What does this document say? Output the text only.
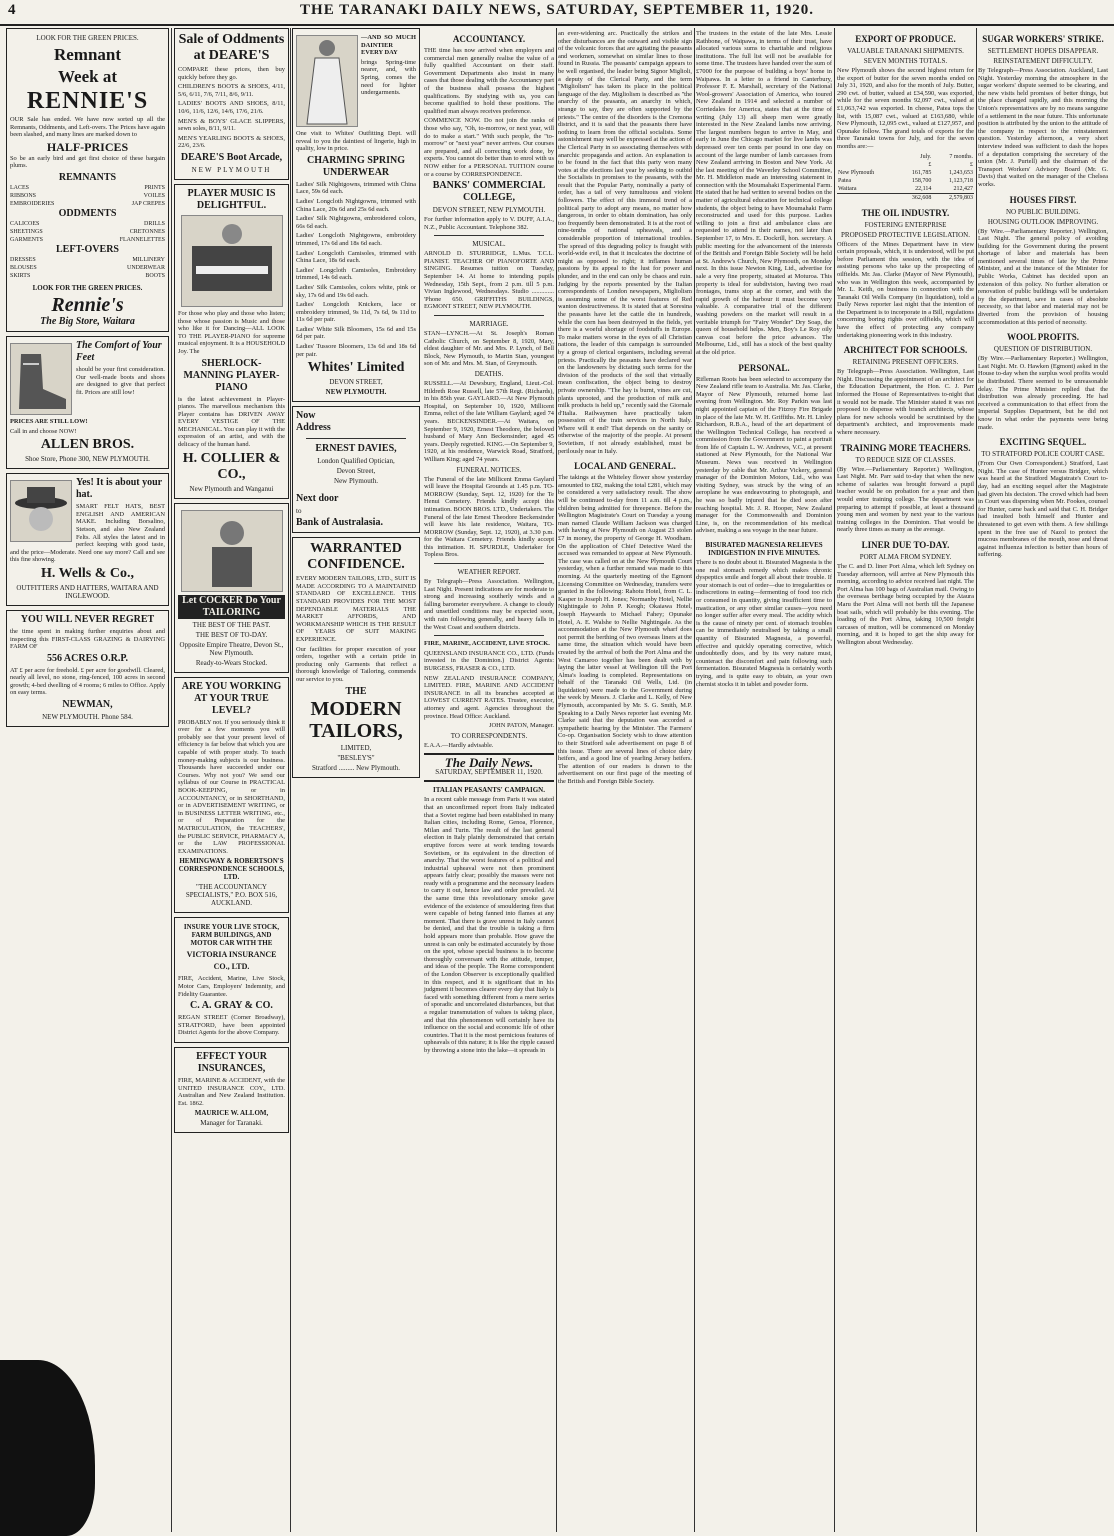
4	THE TARANAKI DAILY NEWS, SATURDAY, SEPTEMBER 11, 1920.
LOOK FOR THE GREEN PRICES.
Remnant
Week at
RENNIE'S
OUR Sale has ended. We have now sorted up all the Remnants, Oddments, and Left-overs. The Prices have again been slashed, and many lines are marked down to
HALF-PRICES
So be an early bird and get first choice of these bargain plums.
REMNANTS
LACES	PRINTS
RIBBONS	VOILES
EMBROIDERIES	JAP CREPES
ODDMENTS
CALICOES	DRILLS
SHEETINGS	CRETONNES
GARMENTS	FLANNELETTES
LEFT-OVERS
DRESSES	MILLINERY
BLOUSES	UNDERWEAR
SKIRTS	BOOTS
LOOK FOR THE GREEN PRICES.
Rennie's
The Big Store, Waitara
The Comfort of Your Feet
should be your first consideration. Our well-made boots and shoes are designed to give that perfect fit. Prices are still low!
PRICES ARE STILL LOW!
Call in and choose NOW!
ALLEN BROS.
Shoe Store, Phone 300, NEW PLYMOUTH.
Yes! It is about your hat.
SMART FELT HATS, BEST ENGLISH AND AMERICAN MAKE. Including Borsalino, Stetson, and also New Zealand Felts. All styles the latest and in perfect keeping with good taste, and the price—Moderate. Need one say more? Call and see this fine showing.
H. Wells & Co.,
OUTFITTERS AND HATTERS, WAITARA AND INGLEWOOD.
YOU WILL NEVER REGRET
the time spent in making further enquiries about and inspecting this FIRST-CLASS GRAZING & DAIRYING FARM OF
556 ACRES O.R.P.
AT £ per acre for freehold. £ per acre for goodwill. Cleared, nearly all level, no stone, ring-fenced, 100 acres in second growth; 4-bed dwelling of 4 rooms; 6 miles to Office. Apply on easy terms.
NEWMAN,
NEW PLYMOUTH. Phone 584.
Sale of Oddments at DEARE'S
COMPARE these prices, then buy quickly before they go.
CHILDREN'S BOOTS & SHOES, 4/11, 5/6, 6/11, 7/6, 7/11, 8/6, 9/11.
LADIES' BOOTS AND SHOES, 8/11, 10/6, 11/6, 12/6, 14/6, 17/6, 21/6.
MEN'S & BOYS' GLACE SLIPPERS, sewn soles, 8/11, 9/11.
MEN'S YEARLING BOOTS & SHOES, 22/6, 23/6.
DEARE'S Boot Arcade,
NEW PLYMOUTH
PLAYER MUSIC IS DELIGHTFUL.
For those who play and those who listen; those whose passion is Music and those who like it for Dancing—ALL LOOK TO THE PLAYER-PIANO for supreme musical enjoyment. It is a HOUSEHOLD Joy. The
SHERLOCK-MANNING PLAYER-PIANO
is the latest achievement in Player-pianos. The marvellous mechanism this Player contains has DRIVEN AWAY EVERY VESTIGE OF THE MECHANICAL. You can play it with the expression of an artist, and with the delicacy of the human hand.
H. COLLIER & CO.,
New Plymouth and Wanganui
Let COCKER Do Your TAILORING
THE BEST OF THE PAST.
THE BEST OF TO-DAY.
Opposite Empire Theatre, Devon St., New Plymouth.
Ready-to-Wears Stocked.
ARE YOU WORKING AT YOUR TRUE LEVEL?
PROBABLY not. If you seriously think it over for a few moments you will probably see that your present level of efficiency is far below that which you are capable of with proper study. To teach money-making subjects is our business. Thousands have succeeded under our Courses. Why not you? We send our syllabus of our Course in PRACTICAL BOOK-KEEPING, or in ACCOUNTANCY, or in SHORTHAND, or in ADVERTISEMENT WRITING, or in BUSINESS LETTER WRITING, etc., or of Preparation for the MATRICULATION, the TEACHERS', the PUBLIC SERVICE, PHARMACY A, or the LAW PROFESSIONAL EXAMINATIONS.
HEMINGWAY & ROBERTSON'S CORRESPONDENCE SCHOOLS, LTD.
"THE ACCOUNTANCY SPECIALISTS," P.O. BOX 516, AUCKLAND.
INSURE YOUR LIVE STOCK, FARM BUILDINGS, AND MOTOR CAR WITH THE
VICTORIA INSURANCE CO., LTD.
FIRE, Accident, Marine, Live Stock, Motor Cars, Employers' Indemnity, and Fidelity Guarantee.
C. A. GRAY & CO.
REGAN STREET (Corner Broadway), STRATFORD, have been appointed District Agents for the above Company.
EFFECT YOUR INSURANCES,
FIRE, MARINE & ACCIDENT, with the UNITED INSURANCE COY., LTD. Australian and New Zealand Institution. Est. 1862.
MAURICE W. ALLOM,
Manager for Taranaki.
—AND SO MUCH DAINTIER EVERY DAY
brings Spring-time nearer, and, with Spring, comes the need for lighter undergarments.
One visit to Whites' Outfitting Dept. will reveal to you the daintiest of lingerie, high in quality, low in price.
CHARMING SPRING UNDERWEAR
Ladies' Silk Nightgowns, trimmed with China Lace, 59s 6d each.
Ladies' Longcloth Nightgowns, trimmed with China Lace, 20s 6d and 25s 6d each.
Ladies' Silk Nightgowns, embroidered colors, 66s 6d each.
Ladies' Longcloth Nightgowns, embroidery trimmed, 17s 6d and 18s 6d each.
Ladies' Longcloth Camisoles, trimmed with China Lace, 18s 6d each.
Ladies' Longcloth Camisoles, Embroidery trimmed, 14s 6d each.
Ladies' Silk Camisoles, colors white, pink or sky, 17s 6d and 19s 6d each.
Ladies' Longcloth Knickers, lace or embroidery trimmed, 9s 11d, 7s 6d, 9s 11d to 11s 6d per pair.
Ladies' White Silk Bloomers, 15s 6d and 15s 6d per pair.
Ladies' Tussore Bloomers, 13s 6d and 18s 6d per pair.
Whites' Limited
DEVON STREET,
NEW PLYMOUTH.
Now
Address
ERNEST DAVIES,
London Qualified Optician,
Devon Street,
New Plymouth.
Next door
to
Bank of Australasia.
WARRANTED
CONFIDENCE.
EVERY MODERN TAILORS, LTD., SUIT IS MADE ACCORDING TO A MAINTAINED STANDARD OF EXCELLENCE. THIS STANDARD PROVIDES FOR THE MOST DEPENDABLE MATERIALS THE MARKET AFFORDS, AND WORKMANSHIP WHICH IS THE RESULT OF YEARS OF SUIT MAKING EXPERIENCE.
Our facilities for proper execution of your orders, together with a certain pride in producing only Garments that reflect a thorough knowledge of Tailoring, commends our service to you.
THE
MODERN
TAILORS,
LIMITED,
"BESLEY'S"
Stratford ......... New Plymouth.
ACCOUNTANCY.
THE time has now arrived when employers and commercial men generally realise the value of a fully qualified Accountant on their staff. Government Departments also insist in many cases that those dealing with the Accountancy part of the business shall possess the highest qualifications. By studying with us, you can become qualified to hold these positions. The qualified man always receives preference.
COMMENCE NOW. Do not join the ranks of those who say, "Oh, to-morrow, or next year, will do to make a start." With such people, the "to-morrow" or "next year" never arrives. Our courses are prepared, and all correcting work done, by experts. You cannot do better than to enrol with us NOW either for a PERSONAL TUITION course or a course by CORRESPONDENCE.
BANKS' COMMERCIAL COLLEGE,
DEVON STREET, NEW PLYMOUTH.
For further information apply to V. DUFF, A.I.A., N.Z., Public Accountant. Telephone 382.
MUSICAL.
ARNOLD D. STURRIDGE, L.Mus. T.C.L. PIANIST. TEACHER OF PIANOFORTE AND SINGING. Resumes tuition on Tuesday, September 14. At home to intending pupils Wednesday, 15th Sept., from 2 p.m. till 5 p.m. Vivian Inglewood, Wednesdays. Studio .............. 'Phone 650. GRIFFITHS BUILDINGS, EGMONT STREET, NEW PLYMOUTH.
MARRIAGE.
STAN—LYNCH.—At St. Joseph's Roman Catholic Church, on September 8, 1920, Mary, eldest daughter of Mr. and Mrs. P. Lynch, of Bell Block, New Plymouth, to Martin Stan, youngest son of Mr. and Mrs. M. Stan, of Greymouth.
DEATHS.
RUSSELL.—At Dewsbury, England, Lieut.-Col. Hildreth Rose Russell, late 57th Regt. (Richards), in his 85th year. GAYLARD.—At New Plymouth Hospital, on September 10, 1920, Millicent Emma, relict of the late William Gaylard; aged 74 years. BECKENSINDER.—At Waitara, on September 9, 1920, Ernest Theodore, the beloved husband of Mary Ann Beckensinder; aged 45 years. Deeply regretted. KING.—On September 9, 1920, at his residence, Warwick Road, Stratford, William King; aged 74 years.
FUNERAL NOTICES.
The Funeral of the late Millicent Emma Gaylard will leave the Hospital Grounds at 1.45 p.m. TO-MORROW (Sunday, Sept. 12, 1920) for the Te Henui Cemetery. Friends kindly accept this intimation. BOON BROS. LTD., Undertakers. The Funeral of the late Ernest Theodore Beckensinder will leave his late residence, Waitara, TO-MORROW (Sunday, Sept. 12, 1920), at 3.30 p.m. for the Waitara Cemetery. Friends kindly accept this intimation. H. SPURDLE, Undertaker for Topless Bros.
WEATHER REPORT.
By Telegraph—Press Association. Wellington, Last Night. Present indications are for moderate to strong and increasing southerly winds and a falling barometer everywhere. A change to cloudy and unsettled conditions may be expected soon, with rain following generally, and heavy falls in the West Coast and southern districts.
FIRE, MARINE, ACCIDENT, LIVE STOCK.
QUEENSLAND INSURANCE CO., LTD. (Funds invested in the Dominion.) District Agents: BURGESS, FRASER & CO., LTD.
NEW ZEALAND INSURANCE COMPANY, LIMITED. FIRE, MARINE AND ACCIDENT INSURANCE in all its branches accepted at LOWEST CURRENT RATES. Trustee, executor, attorney and agent. Agencies throughout the province. Head Office: Auckland.
JOHN PATON, Manager.
TO CORRESPONDENTS.
E.A.A.—Hardly advisable.
The Daily News.
SATURDAY, SEPTEMBER 11, 1920.
ITALIAN PEASANTS' CAMPAIGN.
In a recent cable message from Paris it was stated that an unconfirmed report from Italy indicated that a Soviet regime had been established in many Italian cities, including Rome, Genoa, Florence, Milan and Turin. The result of the last general election in Italy plainly demonstrated that certain eruptive forces were at work tending towards Sovietism, or its equivalent in the direction of anarchy. That the worst features of a political and industrial upheaval were not then prominent appears fairly clear; possibly the masses were not ready with a programme and the necessary leaders to carry it out, hence law and order prevailed. At the same time this revolutionary smoke gave evidence of the existence of smouldering fires that were capable of being fanned into flames at any moment. That there is grave unrest in Italy cannot be denied, and that the trouble is taking a firm hold appears more than probable. How grave the unrest is can only be estimated accurately by those on the spot, whose special business is to become thoroughly conversant with the attitude, temper, and ideas of the people. The Rome correspondent of the London Observer is exceptionally qualified in this respect, and it is significant that in his judgment it becomes clearer every day that Italy is faced with something different from a mere series of sporadic and uncorrelated disturbances, but that a regular transmutation of values is taking place, and that this phenomenon will certainly have its influence on the social and economic life of other countries. That it is the most pernicious features of upheavals of this nature; it is like the ripple caused by throwing a stone into the lake—it spreads in
an ever-widening arc. Practically the strikes and other disturbances are the outward and visible sign of the volcanic forces that are agitating the peasants and workmen, somewhat on similar lines to those found in Russia. The peasants' campaign appears to be well organised, the leader being Signor Miglioli, a deputy of the Clerical Party, and the term "Migliolism" has taken its place in the political language of the day. Migliolism is described as "the anarchy of the peasants, an anarchy in which, strange to say, they are often supported by the priests." The centre of the disorders is the Cremona district, and it is said that the peasants there have nothing to learn from the official socialists. Some astonishment may well be expressed at the action of the Clerical Party in so associating themselves with anarchic propaganda and action. An explanation is to be found in the fact that this party won many votes at the elections last year by seeking to outbid the Socialists in promises to the peasants, with the result that the Popular Party, nominally a party of order, has a tail of very tumultuous and violent followers. The effect of this immoral trend of a political party to adopt any means, no matter how dangerous, in order to obtain domination, has only too frequently been demonstrated. It is at the root of nine-tenths of national upheavals, and a considerable proportion of international troubles. The spread of this degrading policy is fraught with world-wide evil, in that it inculcates the doctrine of might as opposed to right; it inflames human passions by its appeal to the lust for power and plunder, and in the end can only be chaos and ruin. Judging by the reports presented by the Italian correspondents of London newspapers, Migliolism is assuming some of the worst features of Red wanton destructiveness. It is stated that at Soresina the peasants have let the cattle die in hundreds, while the corn has been destroyed in the fields, yet there is a woeful shortage of foodstuffs in Europe. To make matters worse in the eyes of all Christian nations, the leader of this campaign is surrounded by a group of clerical organisers, including several priests. Practically the peasants have declared war on the landowners by dictating such terms for the division of the products of the soil that virtually mean confiscation, the object being to destroy private ownership. "The hay is burnt, vines are cut, plants uprooted, and the production of milk and milk products is held up," recently said the Giornale d'Italia. Railwaymen have practically taken possession of the train services in North Italy. Where will it end? That depends on the sanity or otherwise of the majority of the people. At present Sovietism, if not already established, must be perilously near in Italy.
LOCAL AND GENERAL.
The takings at the Whiteley flower show yesterday amounted to £82, making the total £281, which may be considered a very satisfactory result. The show will be continued to-day from 11 a.m. till 4 p.m., children being admitted for threepence. Before the Wellington Magistrate's Court on Tuesday a young man named Claude William Jackson was charged with having at New Plymouth on August 23 stolen £7 in money, the property of George H. Woodham. On the application of Chief Detective Ward the accused was remanded to appear at New Plymouth. The case was called on at the New Plymouth Court yesterday, when a further remand was made to this morning. At the quarterly meeting of the Egmont Licensing Committee on Wednesday, transfers were granted in the following: Rahotu Hotel, from C. L. Kasper to Joseph H. Jones; Normanby Hotel, Nellie Nightingale to John P. Keogh; Okaiawa Hotel, Joseph Haywards to Michael Fahey; Opunake Hotel, A. E. Walshe to Nellie Nightingale. As the accommodation at the New Plymouth wharf does not permit the berthing of two overseas liners at the same time, the situation which would have been created by the arrival of both the Port Alma and the West Camaroo together has been dealt with by laying the latter vessel at Wellington till the Port Alma's loading is completed. Representations on behalf of the Taranaki Oil Wells, Ltd. (in liquidation) were made to the Government during the week by Messrs. J. Clarke and L. Kelly, of New Plymouth, accompanied by Mr. S. G. Smith, M.P. Speaking to a Daily News reporter last evening Mr. Clarke said that the deputation was accorded a sympathetic hearing by the Minister. The Farmers' Co-op. Organisation Society wish to draw attention to their Stratford sale advertisement on page 8 of this issue. There are several lines of choice dairy heifers, and a good line of yearling Jersey heifers. The attention of our readers is drawn to the advertisement on our first page of the meeting of the British and Foreign Bible Society.
The trustees in the estate of the late Mrs. Lessie Rathbone, of Waipawa, in terms of their trust, have allocated various sums to charitable and religious institutions. The full list will not be available for some time. The trustees have handed over the sum of £7000 for the purpose of building a boys' home in Waipawa. In a letter to a friend in Canterbury, Professor F. E. Marshall, secretary of the National Wool-growers' Association of America, who toured New Zealand in 1914 and selected a number of Corriedales for America, states that at the time of writing (July 13) all sheep men were greatly interested in the New Zealand lambs now arriving. The largest numbers begun to arrive in May, and early in June the Chicago market for live lambs was depressed over ten cents per pound in one day on account of the large number of lamb carcasses from New Zealand arriving in Boston and New York. At the last meeting of the Waverley School Committee, Mr. H. Middleton made an interesting statement in connection with the Moumahaki Experimental Farm. He stated that he had written to several bodies on the matter of agricultural education for technical college students, the object being to have Moumahaki Farm reconstructed and used for this purpose. Ladies willing to join a first aid ambulance class are requested to attend in their names, not later than September 17, to Mrs. E. Dockrill, hon. secretary. A public meeting for the advancement of the interests of the British and Foreign Bible Society will be held at St. Andrew's Church, New Plymouth, on Monday next. In this issue Newton King, Ltd., advertise for sale a very fine property, situated at Moturoa. This property is ideal for subdivision, having two road frontages, trams stop at the corner, and with the rapid growth of the harbour it must become very valuable. A comparative trial of the different washing powders on the market will result in a veritable triumph for "Fairy Wonder" Dry Soap, the queen of household helps. Men, Boy's Le Roy oily canvas coat before the price advances. The Melbourne, Ltd., still has a stock of the best quality at the old price.
PERSONAL.
Rifleman Roots has been selected to accompany the New Zealand rifle team to Australia. Mr. Jas. Clarke, Mayor of New Plymouth, returned home last evening from Wellington. Mr. Roy Parkin was last night appointed captain of the Fitzroy Fire Brigade in place of the late Mr. W. H. Griffiths. Mr. H. Linley Richardson, R.B.A., head of the art department of the Wellington Technical College, has received a commission from the Government to paint a portrait from life of Captain L. W. Andrews, V.C., at present stationed at New Plymouth, for the National War Museum. News was received in Wellington yesterday by cable that Mr. Arthur Vickery, general manager of the Dominion Motors, Ltd., who was visiting Sydney, was struck by the wing of an aeroplane he was endeavouring to photograph, and he was so badly injured that he died soon after reaching hospital. Mr. J. R. Hooper, New Zealand manager for the Commonwealth and Dominion Line, is, on the recommendation of his medical adviser, making a sea voyage in the near future.
BISURATED MAGNESIA RELIEVES INDIGESTION IN FIVE MINUTES.
There is no doubt about it. Bisurated Magnesia is the one real stomach remedy which makes chronic dyspeptics smile and forget all about their trouble. If your stomach is out of order—due to irregularities or indiscretions in eating—fermenting of food too rich or consumed in quantity, giving insufficient time to mastication, or any other similar causes—you need no longer suffer after every meal. The acidity which is the cause of ninety per cent. of stomach troubles can be immediately neutralised by taking a small quantity of Bisurated Magnesia, a powerful, effective and quickly operating corrective, which undoubtedly does, and by its very nature must, counteract the discomfort and pain following such fermentation. Bisurated Magnesia is certainly worth trying, and is quite easy to obtain, as your own chemist stocks it in tablet and powder form.
EXPORT OF PRODUCE.
VALUABLE TARANAKI SHIPMENTS.
SEVEN MONTHS TOTALS.
New Plymouth shows the second highest return for the export of butter for the seven months ended on July 31, 1920, and also for the month of July. Butter, 290 cwt. of butter, valued at £34,590, was exported, while for the seven months 92,097 cwt., valued at £1,063,742 was exported. In cheese, Patea tops the list, with 15,087 cwt., valued at £163,680, while New Plymouth, 12,095 cwt., valued at £127,957, and Opunake follow. The grand totals of exports for the three Taranaki towns for July, and for the seven months are:—
	July.	7 months.
	£	£
New Plymouth	161,785	1,243,653
Patea	158,700	1,123,718
Waitara	22,114	212,427
	362,608	2,579,803
THE OIL INDUSTRY.
FOSTERING ENTERPRISE
PROPOSED PROTECTIVE LEGISLATION.
Officers of the Mines Department have in view certain proposals, which, it is understood, will be put before Parliament this session, with the idea of assisting persons who take up the prospecting of oilfields. Mr. Jas. Clarke (Mayor of New Plymouth), who was in Wellington this week, accompanied by Mr. L. Keith, on business in connection with the Taranaki Oil Wells Company (in liquidation), told a Daily News reporter last night that the intention of the Department is to incorporate in a Bill, regulations concerning boring rights over oilfields, which will have the effect of protecting any company undertaking pioneering work in this industry.
ARCHITECT FOR SCHOOLS.
RETAINING PRESENT OFFICERS.
By Telegraph—Press Association. Wellington, Last Night. Discussing the appointment of an architect for the Education Department, the Hon. C. J. Parr informed the House of Representatives to-night that it would not be made. The Minister stated it was not proposed to dispense with branch architects, whose plans for new schools would be scrutinised by the department's architect, and improvements made where necessary.
TRAINING MORE TEACHERS.
TO REDUCE SIZE OF CLASSES.
(By Wire.—Parliamentary Reporter.) Wellington, Last Night. Mr. Parr said to-day that when the new scheme of salaries was brought forward a pupil teacher would be on probation for a year and then would enter training college. The department was preparing to attempt if possible, at least a thousand young men and women by next year to the various training colleges in the Dominion. That would be nearly three times as many as the average.
LINER DUE TO-DAY.
PORT ALMA FROM SYDNEY.
The C. and D. liner Port Alma, which left Sydney on Tuesday afternoon, will arrive at New Plymouth this morning, according to advice received last night. The Port Alma has 100 bags of Australian mail. Owing to the overseas berthage being occupied by the Ataura Maru the Port Alma will not berth till the Japanese boat sails, which will probably be this evening. The loading of the Port Alma, taking 10,500 freight carcases of mutton, will be commenced on Monday morning, and it is hoped to get the ship away for Wellington about Wednesday.
SUGAR WORKERS' STRIKE.
SETTLEMENT HOPES DISAPPEAR.
REINSTATEMENT DIFFICULTY.
By Telegraph—Press Association. Auckland, Last Night. Yesterday morning the atmosphere in the sugar workers' dispute seemed to be clearing, and the new visits held promises of better things, but the place changed rapidly, and this morning the Union's representatives are by no means sanguine of a settlement in the near future. This unfortunate position is attributed by the union to the attitude of the company in respect to the reinstatement question. Yesterday afternoon, a very short interview indeed was sufficient to dash the hopes of a deputation comprising the secretary of the union (Mr. J. Purtell) and the chairman of the Transport Workers' Advisory Board (Mr. G. Davis) that waited on the manager of the Chelsea works.
HOUSES FIRST.
NO PUBLIC BUILDING.
HOUSING OUTLOOK IMPROVING.
(By Wire.—Parliamentary Reporter.) Wellington, Last Night. The general policy of avoiding building for the Government during the present shortage of labor and materials has been mentioned several times of late by the Prime Minister, and at the instance of the Minister for Public Works, Cabinet has decided upon an extension of this policy. No further alteration or renovation of public buildings will be undertaken by the department, save in cases of absolute necessity, so that labor and material may not be diverted from the provision of housing accommodation at this period of necessity.
WOOL PROFITS.
QUESTION OF DISTRIBUTION.
(By Wire.—Parliamentary Reporter.) Wellington, Last Night. Mr. O. Hawken (Egmont) asked in the House to-day when the surplus wool profits would be distributed. There seemed to be unreasonable delay. The Prime Minister replied that the distribution was already proceeding. He had received a communication to that effect from the Imperial Supplies Department, but he did not know in what order the payments were being made.
EXCITING SEQUEL.
TO STRATFORD POLICE COURT CASE.
(From Our Own Correspondent.) Stratford, Last Night. The case of Hunter versus Bridger, which was heard at the Stratford Magistrate's Court to-day, had an exciting sequel after the Magistrate had given his decision. The crowd which had been in Court was dispersing when Mr. Fookes, counsel for Hunter, came back and said that C. H. Bridger had insulted both himself and Hunter and threatened to get even with them. A few shillings spent in the free use of Nazol to protect the mucous membranes of the mouth, nose and throat against influenza infection is better than hours of suffering.
